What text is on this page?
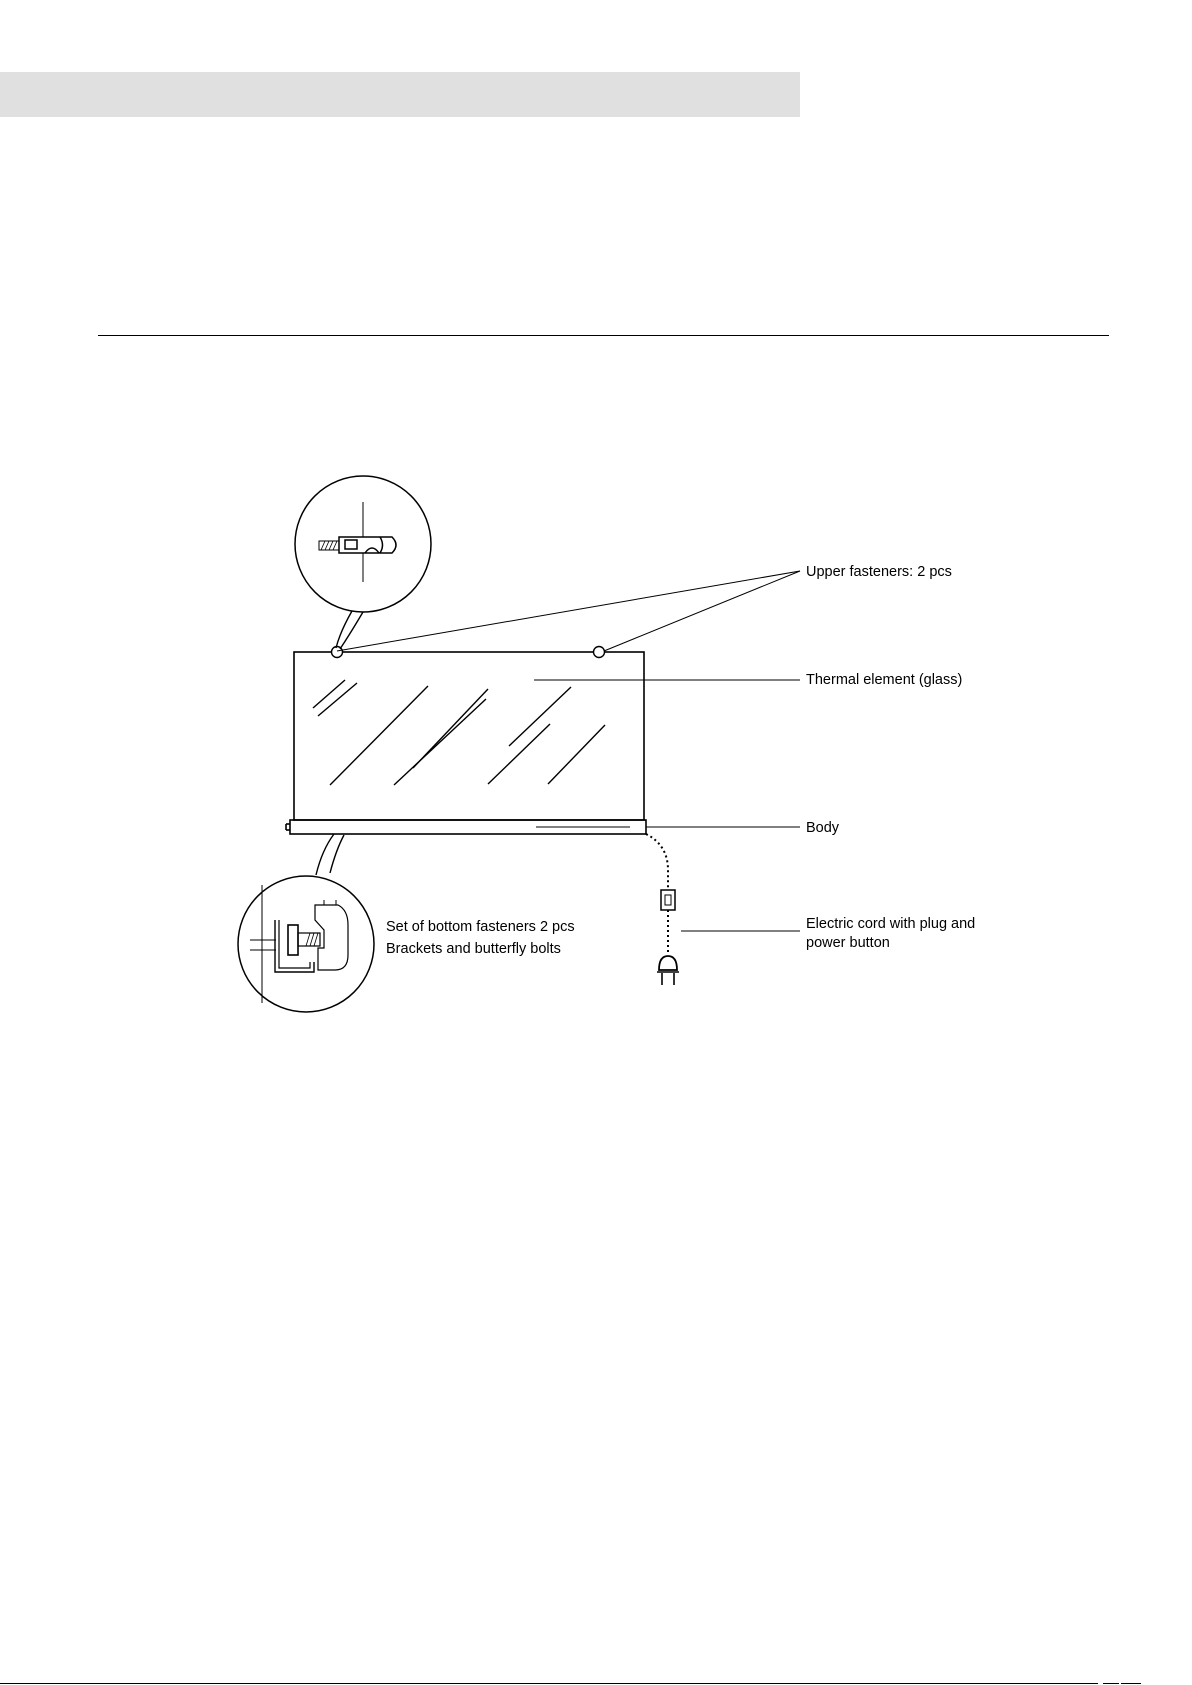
Upper fasteners: 2 pcs
Thermal element (glass)
Body
Set of bottom fasteners 2 pcs
Brackets and butterfly bolts
Electric cord with plug and
power button
